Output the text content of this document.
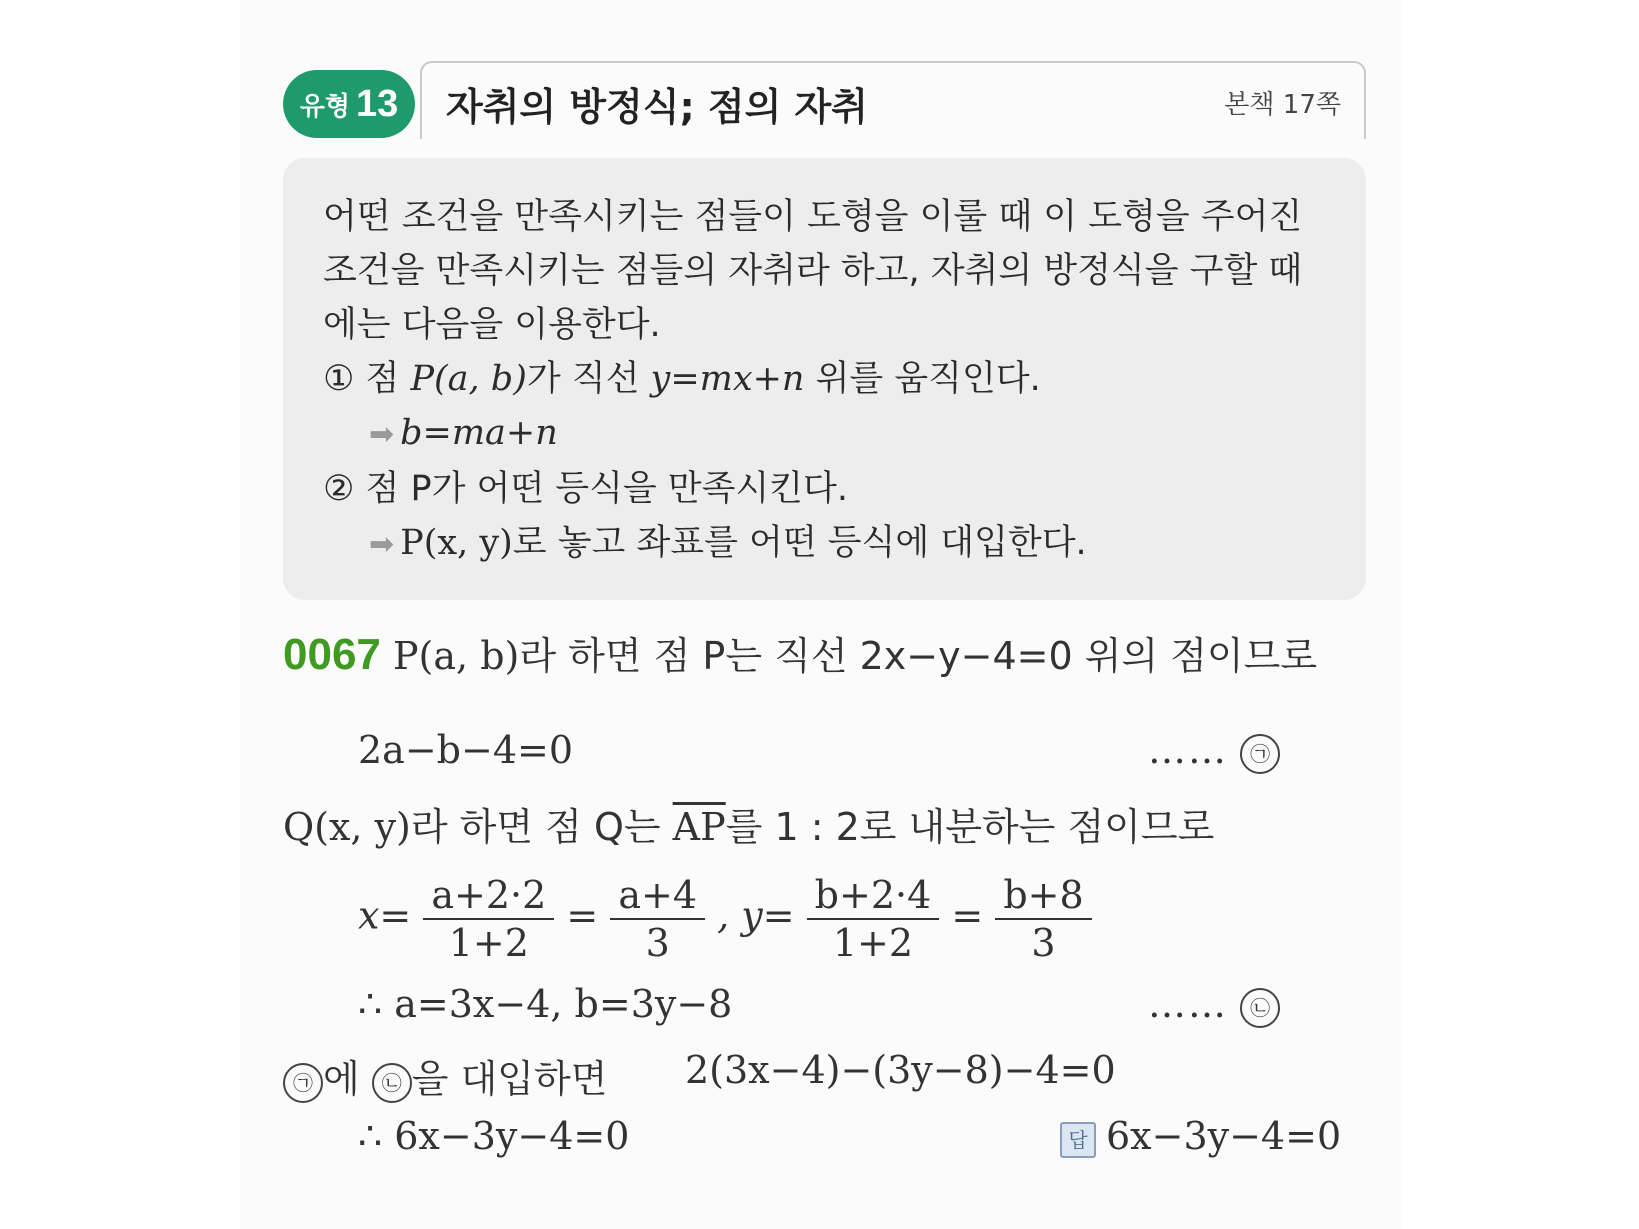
유형 13 자취의 방정식; 점의 자취	본책 17쪽

어떤 조건을 만족시키는 점들이 도형을 이룰 때 이 도형을 주어진

조건을 만족시키는 점들의 자취라 하고, 자취의 방정식을 구할 때

에는 다음을 이용한다.

① 점 P(a, b)가 직선 y=mx+n 위를 움직인다.

➡ b=ma+n

② 점 P가 어떤 등식을 만족시킨다.

➡ P(x, y)로 놓고 좌표를 어떤 등식에 대입한다.

0067 P(a, b)라 하면 점 P는 직선 2x−y−4=0 위의 점이므로
2a−b−4=0	…… ㉠
Q(x, y)라 하면 점 Q는 $\overline{AP}$를 1 : 2로 내분하는 점이므로
$x= \frac{a+2\cdot 2}{1+2} = \frac{a+4}{3}$ , $y= \frac{b+2\cdot 4}{1+2} = \frac{b+8}{3}$
∴ a=3x−4, b=3y−8	…… ㉡
㉠ 에 ㉡ 을 대입하면 2(3x−4)−(3y−8)−4=0
∴ 6x−3y−4=0	답 6x−3y−4=0
